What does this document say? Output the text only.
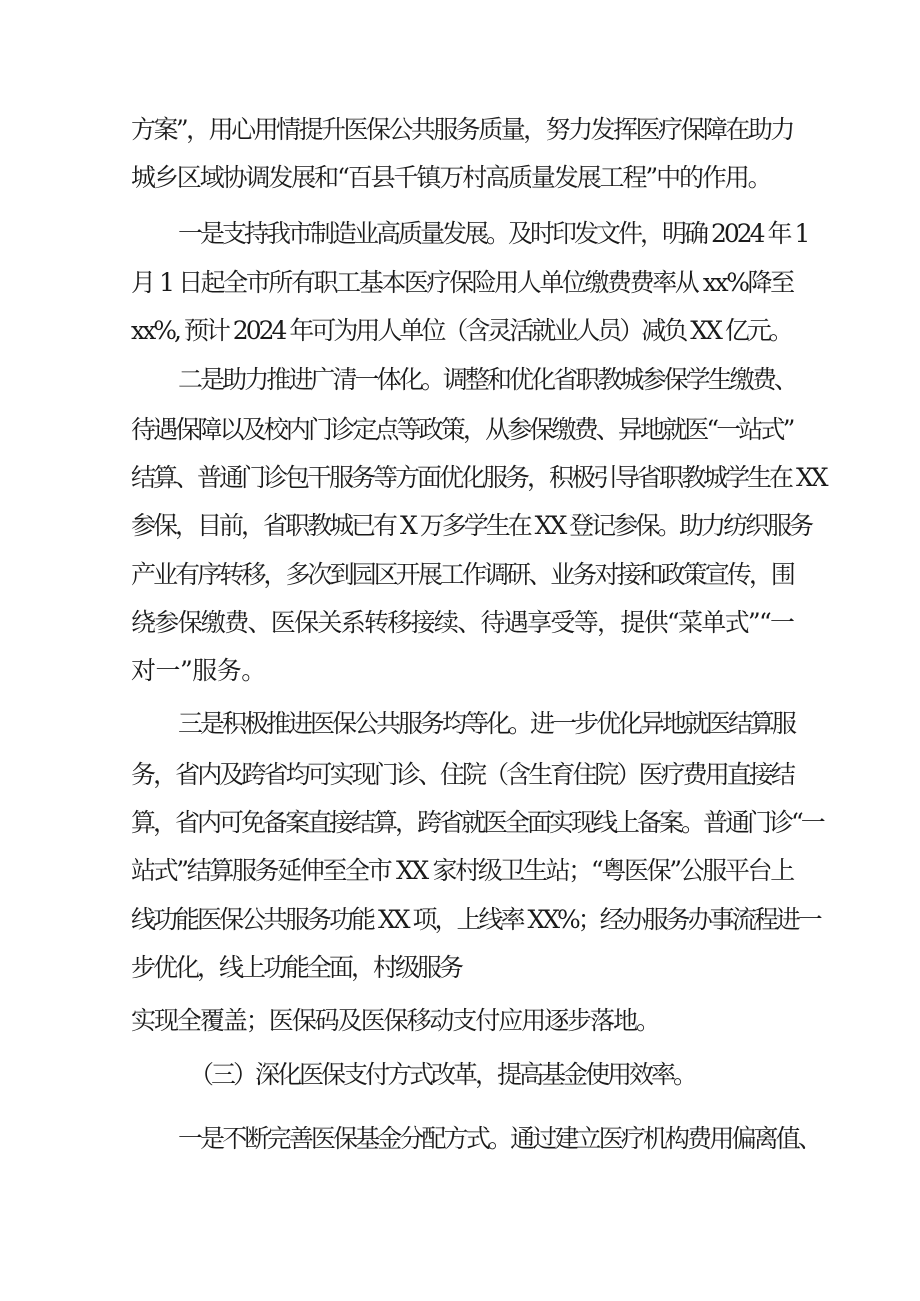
方案”，用心用情提升医保公共服务质量，努力发挥医疗保障在助力
城乡区域协调发展和“百县千镇万村高质量发展工程”中的作用。
一是支持我市制造业高质量发展。及时印发文件，明确 2024 年 1
月 1 日起全市所有职工基本医疗保险用人单位缴费费率从 xx%降至
xx%, 预计 2024 年可为用人单位（含灵活就业人员）减负 XX 亿元。
二是助力推进广清一体化。调整和优化省职教城参保学生缴费、
待遇保障以及校内门诊定点等政策，从参保缴费、异地就医“一站式”
结算、普通门诊包干服务等方面优化服务，积极引导省职教城学生在 XX
参保，目前，省职教城已有 X 万多学生在 XX 登记参保。助力纺织服务
产业有序转移，多次到园区开展工作调研、业务对接和政策宣传，围
绕参保缴费、医保关系转移接续、待遇享受等，提供“菜单式”“一
对一”服务。
三是积极推进医保公共服务均等化。进一步优化异地就医结算服
务，省内及跨省均可实现门诊、住院（含生育住院）医疗费用直接结
算，省内可免备案直接结算，跨省就医全面实现线上备案。普通门诊“一
站式”结算服务延伸至全市 XX 家村级卫生站；“粤医保”公服平台上
线功能医保公共服务功能 XX 项，上线率 XX%；经办服务办事流程进一
步优化，线上功能全面，村级服务
实现全覆盖；医保码及医保移动支付应用逐步落地。
（三）深化医保支付方式改革，提高基金使用效率。
一是不断完善医保基金分配方式。通过建立医疗机构费用偏离值、
